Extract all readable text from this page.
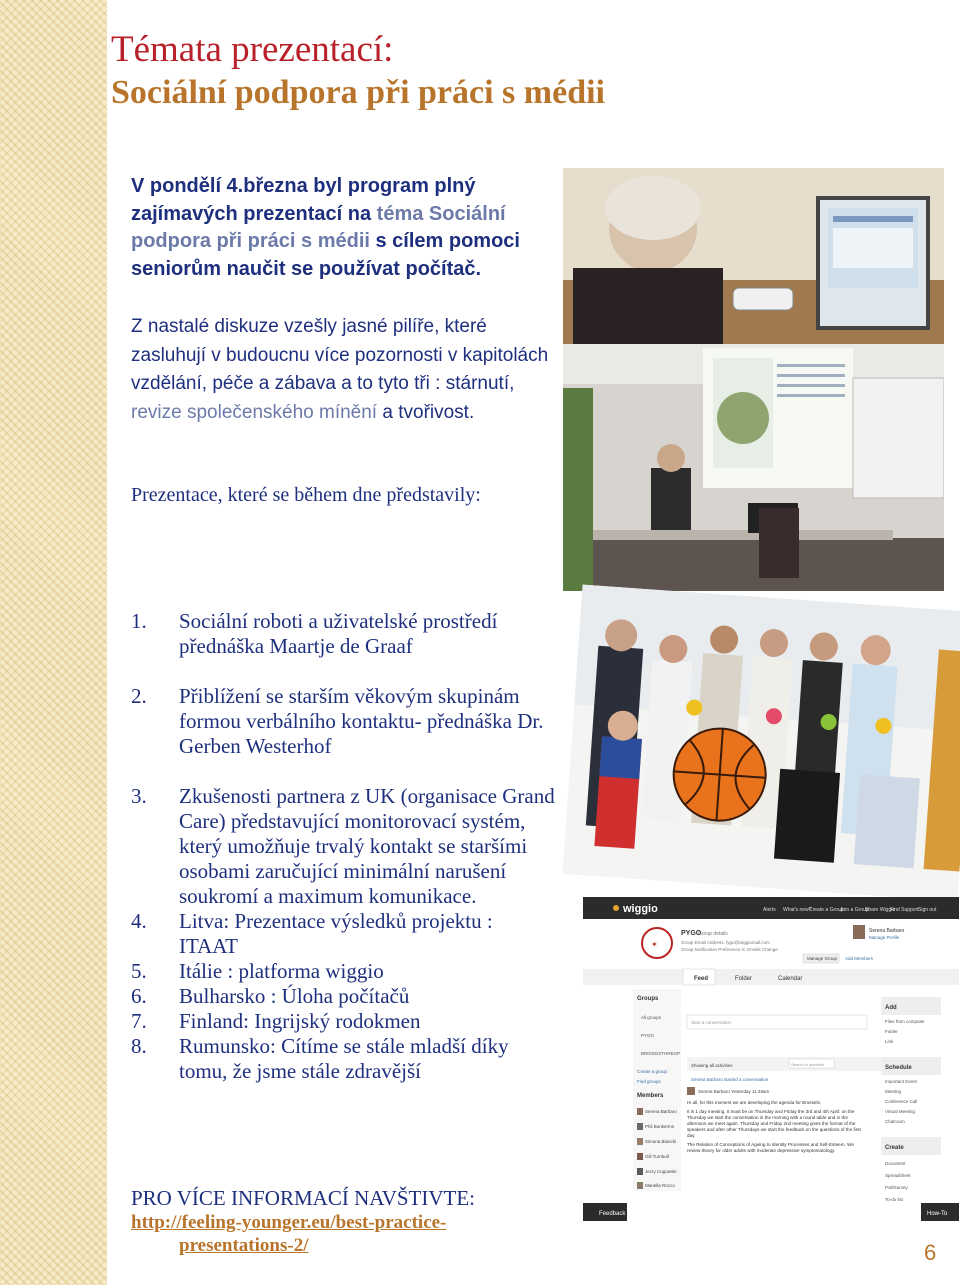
Témata prezentací:
Sociální podpora při práci s médii
V pondělí 4.března byl program plný zajímavých prezentací na téma Sociální podpora při práci s médii s cílem pomoci seniorům naučit se používat počítač.
Z nastalé diskuze vzešly jasné pilíře, které zasluhují v budoucnu více pozornosti v kapitolách vzdělání, péče a zábava a to tyto tři : stárnutí, revize společenského mínění a tvořivost.
Prezentace, které se během dne představily:
1.	Sociální roboti a uživatelské prostředí přednáška Maartje de Graaf
2.	Přiblížení se starším věkovým skupinám formou verbálního kontaktu- přednáška Dr. Gerben Westerhof
3.	Zkušenosti partnera z UK (organisace Grand Care) představující monitorovací systém, který umožňuje trvalý kontakt se staršími osobami zaručující minimální narušení soukromí a maximum komunikace.
4.	Litva: Prezentace výsledků projektu : ITAAT
5.	Itálie : platforma wiggio
6.	Bulharsko : Úloha počítačů
7.	Finland: Ingrijský rodokmen
8.	Rumunsko: Cítíme se stále mladší díky tomu, že jsme stále zdravější
PRO VÍCE INFORMACÍ NAVŠTIVTE:
http://feeling-younger.eu/best-practice-
presentations-2/	6
wiggio	Alerts What's new?
Create a Group
Join a Group
Share Wiggio
Find Support Sign out
✶
PYGO
Group details
Group Email Address: fygo@wiggiomail.com
Group Notification Preference is: Emails Change
Manage Group Add Members
Serena Barbaro
Manage Profile
Feed	Folder	Calendar
Groups
All groups
PYGO
BRIDGESTHREGP
Create a group
Find groups
Members
Serena Barbaro
Phil Bonkerms
Simona Bianchi
Gill Turnbull
Jerzy Cugowski
Mariella Rocco
Start a conversation
Showing all activities	Search in activities
Serena Barbaro started a conversation
Serena Barbaro Yesterday 11:48am
Hi all, for this moment we are developing the agenda for Brussels.
It is 1 day meeting. It must be on Thursday and Friday the 3rd and 4th April: on the Thursday we start the conversation in the morning with a round table and in the afternoon we meet again. Thursday and Friday 2nd meeting gives the format of the speakers and after other Thursdays we start the feedback on the questions of the first day.
The Relation of Conceptions of Ageing to Identity Processes and Self-Esteem. We review theory for older adults with moderate depressive symptomatology.
Add
Files from computer
Folder
Link
Schedule
Important Event
Meeting
Conference Call
Virtual Meeting
Chatroom
Create
Document
Spreadsheet
Poll/Survey
To-do list
Feedback	How-To
